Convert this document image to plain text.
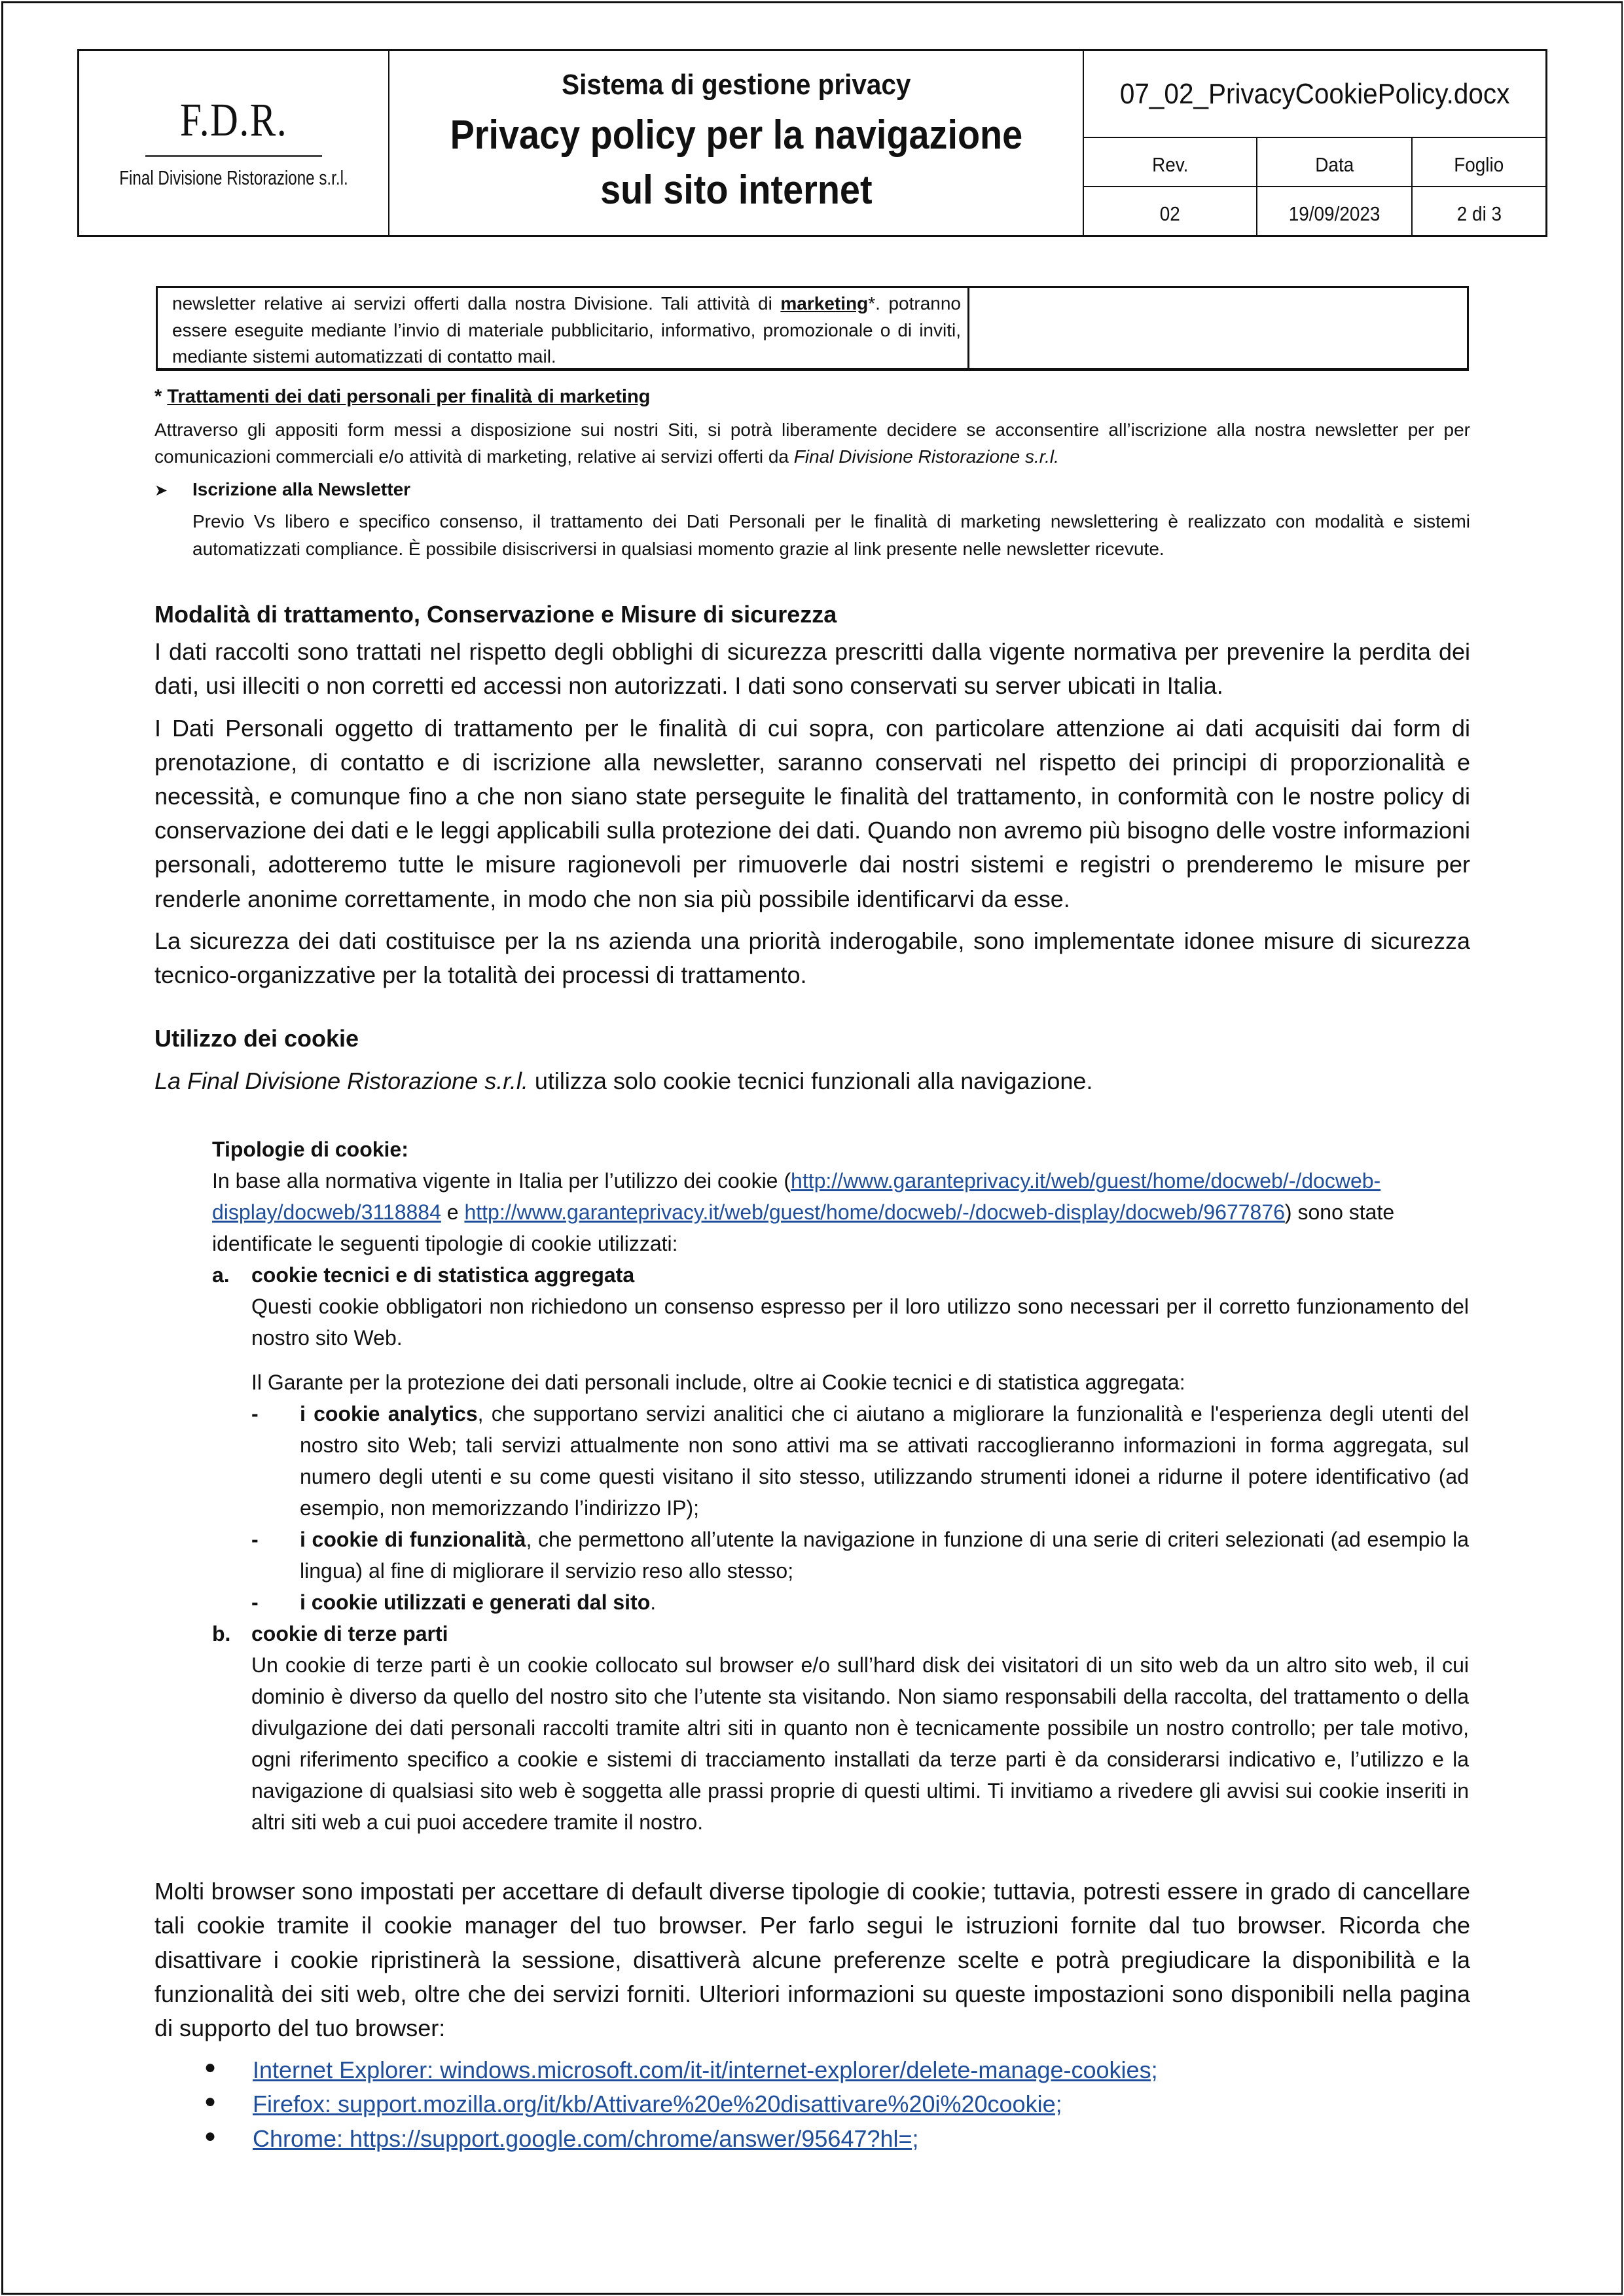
F.D.R.
Final Divisione Ristorazione s.r.l.
Sistema di gestione privacy
Privacy policy per la navigazione
sul sito internet
07_02_PrivacyCookiePolicy.docx
Rev.	Data	Foglio
02	19/09/2023	2 di 3
newsletter relative ai servizi offerti dalla nostra Divisione. Tali attività di marketing*. potranno essere eseguite mediante l’invio di materiale pubblicitario, informativo, promozionale o di inviti, mediante sistemi automatizzati di contatto mail.
* Trattamenti dei dati personali per finalità di marketing
Attraverso gli appositi form messi a disposizione sui nostri Siti, si potrà liberamente decidere se acconsentire all’iscrizione alla nostra newsletter per per comunicazioni commerciali e/o attività di marketing, relative ai servizi offerti da Final Divisione Ristorazione s.r.l.
➤	Iscrizione alla Newsletter
Previo Vs libero e specifico consenso, il trattamento dei Dati Personali per le finalità di marketing newslettering è realizzato con modalità e sistemi automatizzati compliance. È possibile disiscriversi in qualsiasi momento grazie al link presente nelle newsletter ricevute.
Modalità di trattamento, Conservazione e Misure di sicurezza

I dati raccolti sono trattati nel rispetto degli obblighi di sicurezza prescritti dalla vigente normativa per prevenire la perdita dei dati, usi illeciti o non corretti ed accessi non autorizzati. I dati sono conservati su server ubicati in Italia.

I Dati Personali oggetto di trattamento per le finalità di cui sopra, con particolare attenzione ai dati acquisiti dai form di prenotazione, di contatto e di iscrizione alla newsletter, saranno conservati nel rispetto dei principi di proporzionalità e necessità, e comunque fino a che non siano state perseguite le finalità del trattamento, in conformità con le nostre policy di conservazione dei dati e le leggi applicabili sulla protezione dei dati. Quando non avremo più bisogno delle vostre informazioni personali, adotteremo tutte le misure ragionevoli per rimuoverle dai nostri sistemi e registri o prenderemo le misure per renderle anonime correttamente, in modo che non sia più possibile identificarvi da esse.

La sicurezza dei dati costituisce per la ns azienda una priorità inderogabile, sono implementate idonee misure di sicurezza tecnico-organizzative per la totalità dei processi di trattamento.

Utilizzo dei cookie

La Final Divisione Ristorazione s.r.l. utilizza solo cookie tecnici funzionali alla navigazione.

Tipologie di cookie:
In base alla normativa vigente in Italia per l’utilizzo dei cookie (http://www.garanteprivacy.it/web/guest/home/docweb/-/docweb-display/docweb/3118884 e http://www.garanteprivacy.it/web/guest/home/docweb/-/docweb-display/docweb/9677876) sono state identificate le seguenti tipologie di cookie utilizzati:
a.	cookie tecnici e di statistica aggregata
Questi cookie obbligatori non richiedono un consenso espresso per il loro utilizzo sono necessari per il corretto funzionamento del nostro sito Web.
Il Garante per la protezione dei dati personali include, oltre ai Cookie tecnici e di statistica aggregata:
-	i cookie analytics, che supportano servizi analitici che ci aiutano a migliorare la funzionalità e l'esperienza degli utenti del nostro sito Web; tali servizi attualmente non sono attivi ma se attivati raccoglieranno informazioni in forma aggregata, sul numero degli utenti e su come questi visitano il sito stesso, utilizzando strumenti idonei a ridurne il potere identificativo (ad esempio, non memorizzando l’indirizzo IP);
-	i cookie di funzionalità, che permettono all’utente la navigazione in funzione di una serie di criteri selezionati (ad esempio la lingua) al fine di migliorare il servizio reso allo stesso;
-	i cookie utilizzati e generati dal sito.
b. cookie di terze parti
Un cookie di terze parti è un cookie collocato sul browser e/o sull’hard disk dei visitatori di un sito web da un altro sito web, il cui dominio è diverso da quello del nostro sito che l’utente sta visitando. Non siamo responsabili della raccolta, del trattamento o della divulgazione dei dati personali raccolti tramite altri siti in quanto non è tecnicamente possibile un nostro controllo; per tale motivo, ogni riferimento specifico a cookie e sistemi di tracciamento installati da terze parti è da considerarsi indicativo e, l’utilizzo e la navigazione di qualsiasi sito web è soggetta alle prassi proprie di questi ultimi. Ti invitiamo a rivedere gli avvisi sui cookie inseriti in altri siti web a cui puoi accedere tramite il nostro.

Molti browser sono impostati per accettare di default diverse tipologie di cookie; tuttavia, potresti essere in grado di cancellare tali cookie tramite il cookie manager del tuo browser. Per farlo segui le istruzioni fornite dal tuo browser. Ricorda che disattivare i cookie ripristinerà la sessione, disattiverà alcune preferenze scelte e potrà pregiudicare la disponibilità e la funzionalità dei siti web, oltre che dei servizi forniti. Ulteriori informazioni su queste impostazioni sono disponibili nella pagina di supporto del tuo browser:

●	Internet Explorer: windows.microsoft.com/it-it/internet-explorer/delete-manage-cookies;
●	Firefox: support.mozilla.org/it/kb/Attivare%20e%20disattivare%20i%20cookie;
●	Chrome: https://support.google.com/chrome/answer/95647?hl=;
